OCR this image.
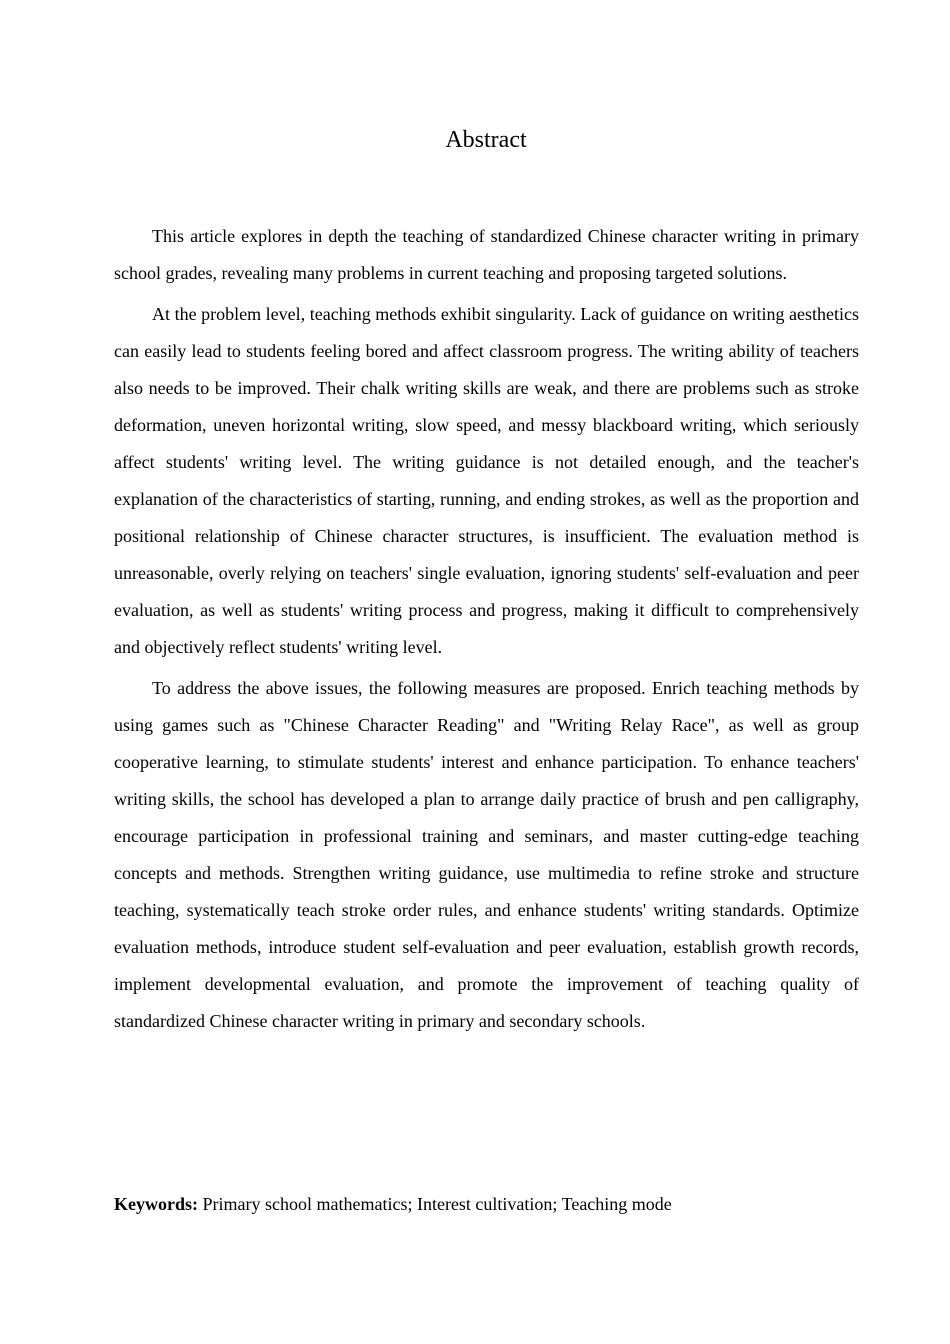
Abstract

This article explores in depth the teaching of standardized Chinese character writing in primary school grades, revealing many problems in current teaching and proposing targeted solutions.

At the problem level, teaching methods exhibit singularity. Lack of guidance on writing aesthetics can easily lead to students feeling bored and affect classroom progress. The writing ability of teachers also needs to be improved. Their chalk writing skills are weak, and there are problems such as stroke deformation, uneven horizontal writing, slow speed, and messy blackboard writing, which seriously affect students' writing level. The writing guidance is not detailed enough, and the teacher's explanation of the characteristics of starting, running, and ending strokes, as well as the proportion and positional relationship of Chinese character structures, is insufficient. The evaluation method is unreasonable, overly relying on teachers' single evaluation, ignoring students' self-evaluation and peer evaluation, as well as students' writing process and progress, making it difficult to comprehensively and objectively reflect students' writing level.

To address the above issues, the following measures are proposed. Enrich teaching methods by using games such as "Chinese Character Reading" and "Writing Relay Race", as well as group cooperative learning, to stimulate students' interest and enhance participation. To enhance teachers' writing skills, the school has developed a plan to arrange daily practice of brush and pen calligraphy, encourage participation in professional training and seminars, and master cutting-edge teaching concepts and methods. Strengthen writing guidance, use multimedia to refine stroke and structure teaching, systematically teach stroke order rules, and enhance students' writing standards. Optimize evaluation methods, introduce student self-evaluation and peer evaluation, establish growth records, implement developmental evaluation, and promote the improvement of teaching quality of standardized Chinese character writing in primary and secondary schools.

Keywords: Primary school mathematics; Interest cultivation; Teaching mode
